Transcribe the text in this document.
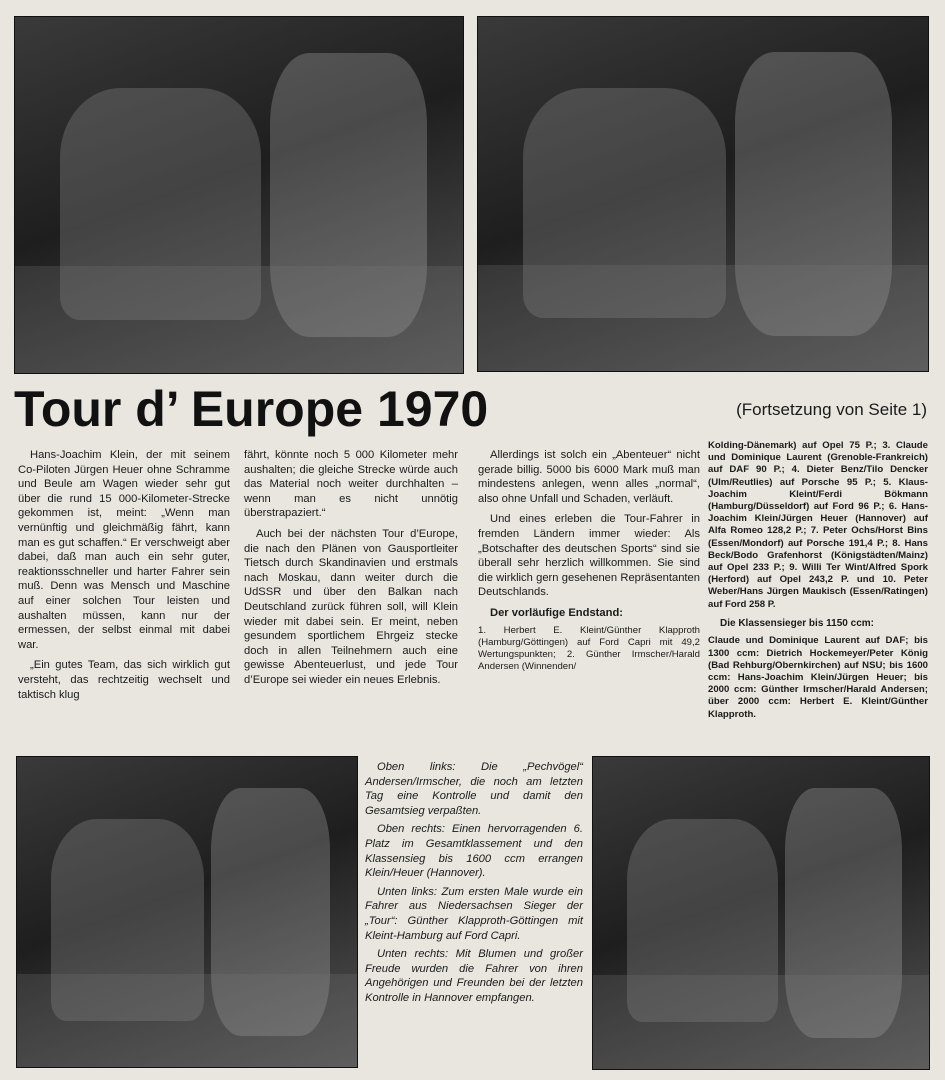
Tour d’ Europe 1970	(Fortsetzung von Seite 1)

Hans-Joachim Klein, der mit seinem Co-Piloten Jürgen Heuer ohne Schramme und Beule am Wagen wieder sehr gut über die rund 15 000-Kilometer-Strecke gekommen ist, meint: „Wenn man vernünftig und gleichmäßig fährt, kann man es gut schaffen.“ Er verschweigt aber dabei, daß man auch ein sehr guter, reaktionsschneller und harter Fahrer sein muß. Denn was Mensch und Maschine auf einer solchen Tour leisten und aushalten müssen, kann nur der ermessen, der selbst einmal mit dabei war.

„Ein gutes Team, das sich wirklich gut versteht, das rechtzeitig wechselt und taktisch klug

fährt, könnte noch 5 000 Kilometer mehr aushalten; die gleiche Strecke würde auch das Material noch weiter durchhalten – wenn man es nicht unnötig überstrapaziert.“

Auch bei der nächsten Tour d’Europe, die nach den Plänen von Gausportleiter Tietsch durch Skandinavien und erstmals nach Moskau, dann weiter durch die UdSSR und über den Balkan nach Deutschland zurück führen soll, will Klein wieder mit dabei sein. Er meint, neben gesundem sportlichem Ehrgeiz stecke doch in allen Teilnehmern auch eine gewisse Abenteuerlust, und jede Tour d’Europe sei wieder ein neues Erlebnis.

Allerdings ist solch ein „Abenteuer“ nicht gerade billig. 5000 bis 6000 Mark muß man mindestens anlegen, wenn alles „normal“, also ohne Unfall und Schaden, verläuft.

Und eines erleben die Tour-Fahrer in fremden Ländern immer wieder: Als „Botschafter des deutschen Sports“ sind sie überall sehr herzlich willkommen. Sie sind die wirklich gern gesehenen Repräsentanten Deutschlands.

Der vorläufige Endstand:

1. Herbert E. Kleint/Günther Klapproth (Hamburg/Göttingen) auf Ford Capri mit 49,2 Wertungspunkten; 2. Günther Irmscher/Harald Andersen (Winnenden/

Kolding-Dänemark) auf Opel 75 P.; 3. Claude und Dominique Laurent (Grenoble-Frankreich) auf DAF 90 P.; 4. Dieter Benz/Tilo Dencker (Ulm/Reutlies) auf Porsche 95 P.; 5. Klaus-Joachim Kleint/Ferdi Bökmann (Hamburg/Düsseldorf) auf Ford 96 P.; 6. Hans-Joachim Klein/Jürgen Heuer (Hannover) auf Alfa Romeo 128,2 P.; 7. Peter Ochs/Horst Bins (Essen/Mondorf) auf Porsche 191,4 P.; 8. Hans Beck/Bodo Grafenhorst (Königstädten/Mainz) auf Opel 233 P.; 9. Willi Ter Wint/Alfred Spork (Herford) auf Opel 243,2 P. und 10. Peter Weber/Hans Jürgen Maukisch (Essen/Ratingen) auf Ford 258 P.

Die Klassensieger bis 1150 ccm:

Claude und Dominique Laurent auf DAF; bis 1300 ccm: Dietrich Hockemeyer/Peter König (Bad Rehburg/Obernkirchen) auf NSU; bis 1600 ccm: Hans-Joachim Klein/Jürgen Heuer; bis 2000 ccm: Günther Irmscher/Harald Andersen; über 2000 ccm: Herbert E. Kleint/Günther Klapproth.

Oben links: Die „Pechvögel“ Andersen/Irmscher, die noch am letzten Tag eine Kontrolle und damit den Gesamtsieg verpaßten.

Oben rechts: Einen hervorragenden 6. Platz im Gesamtklassement und den Klassensieg bis 1600 ccm errangen Klein/Heuer (Hannover).

Unten links: Zum ersten Male wurde ein Fahrer aus Niedersachsen Sieger der „Tour“: Günther Klapproth-Göttingen mit Kleint-Hamburg auf Ford Capri.

Unten rechts: Mit Blumen und großer Freude wurden die Fahrer von ihren Angehörigen und Freunden bei der letzten Kontrolle in Hannover empfangen.
